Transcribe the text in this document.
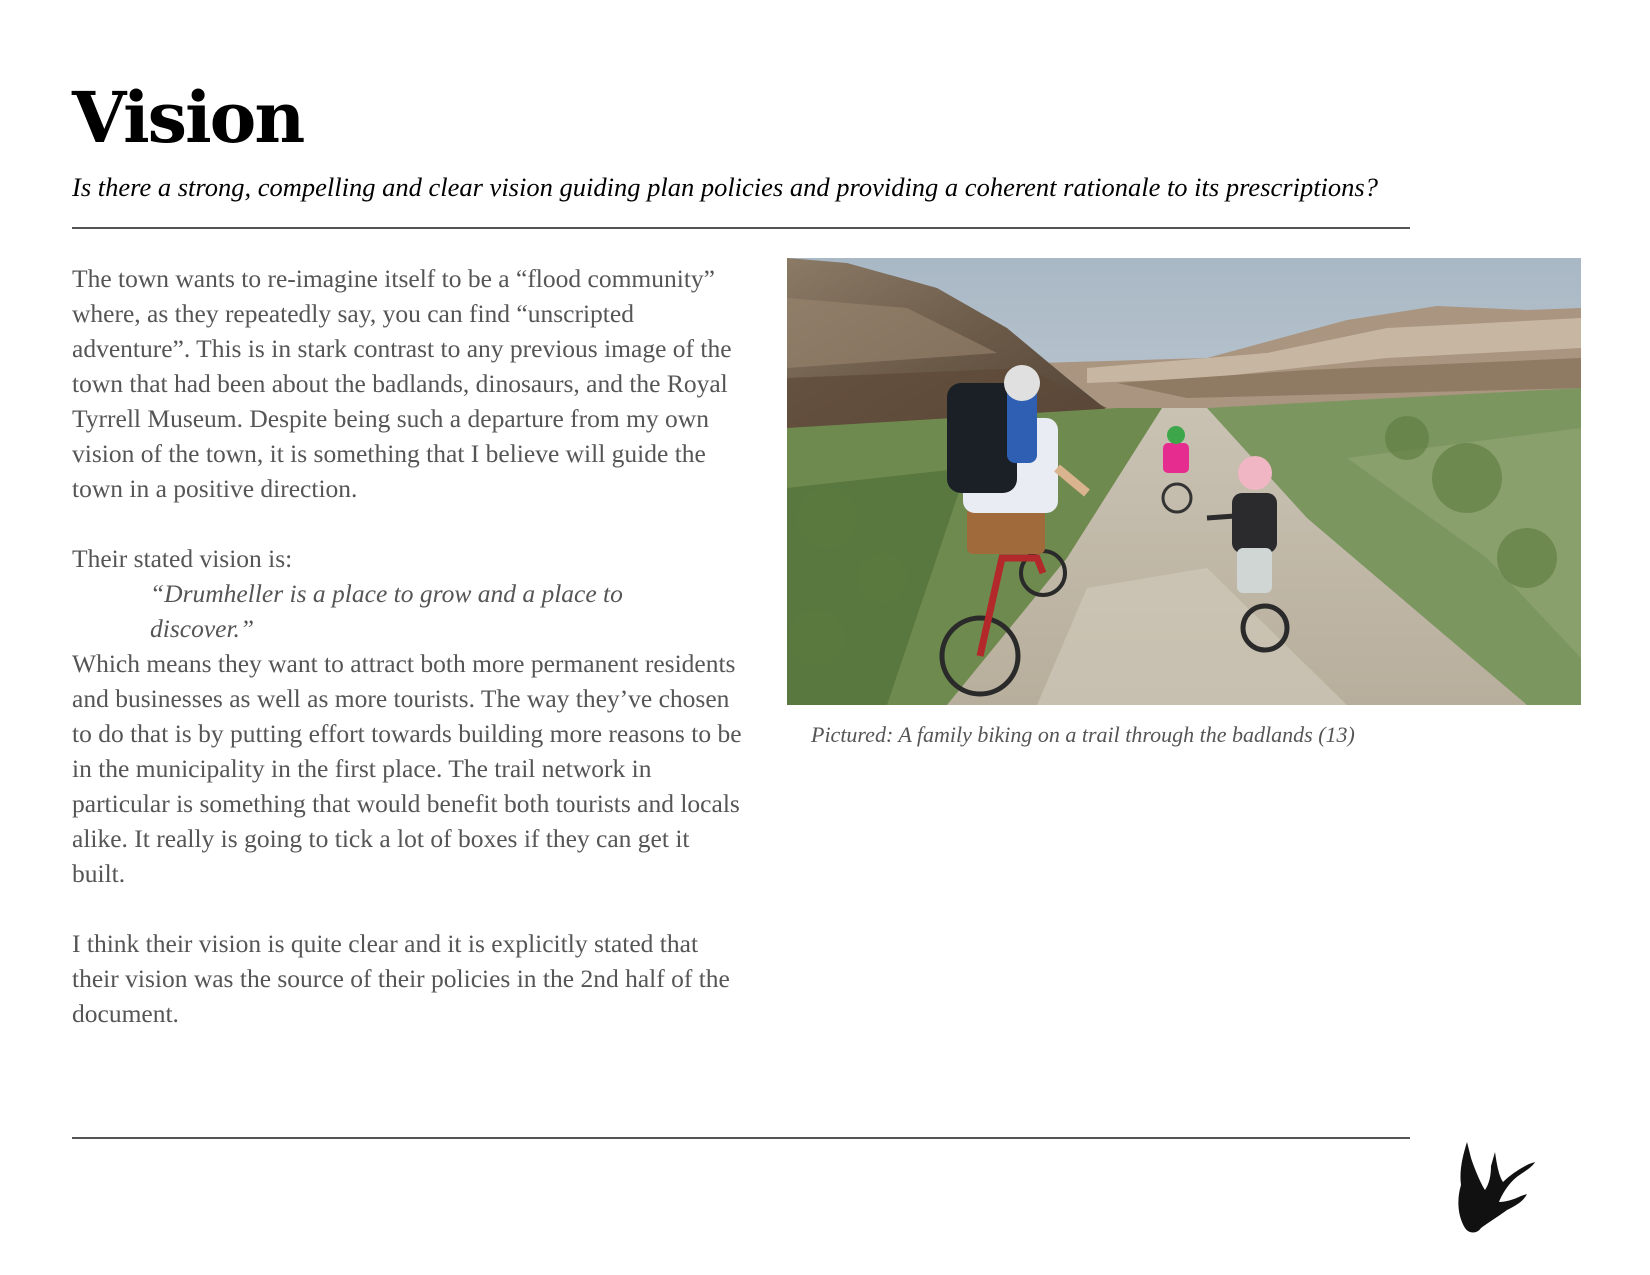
Vision
Is there a strong, compelling and clear vision guiding plan policies and providing a coherent rationale to its prescriptions?

The town wants to re-imagine itself to be a “flood community” where, as they repeatedly say, you can find “unscripted adventure”. This is in stark contrast to any previous image of the town that had been about the badlands, dinosaurs, and the Royal Tyrrell Museum. Despite being such a departure from my own vision of the town, it is something that I believe will guide the town in a positive direction.

Their stated vision is:

“Drumheller is a place to grow and a place to discover.”

Which means they want to attract both more permanent residents and businesses as well as more tourists. The way they’ve chosen to do that is by putting effort towards building more reasons to be in the municipality in the first place. The trail network in particular is something that would benefit both tourists and locals alike. It really is going to tick a lot of boxes if they can get it built.

I think their vision is quite clear and it is explicitly stated that their vision was the source of their policies in the 2nd half of the document.

Pictured: A family biking on a trail through the badlands (13)
